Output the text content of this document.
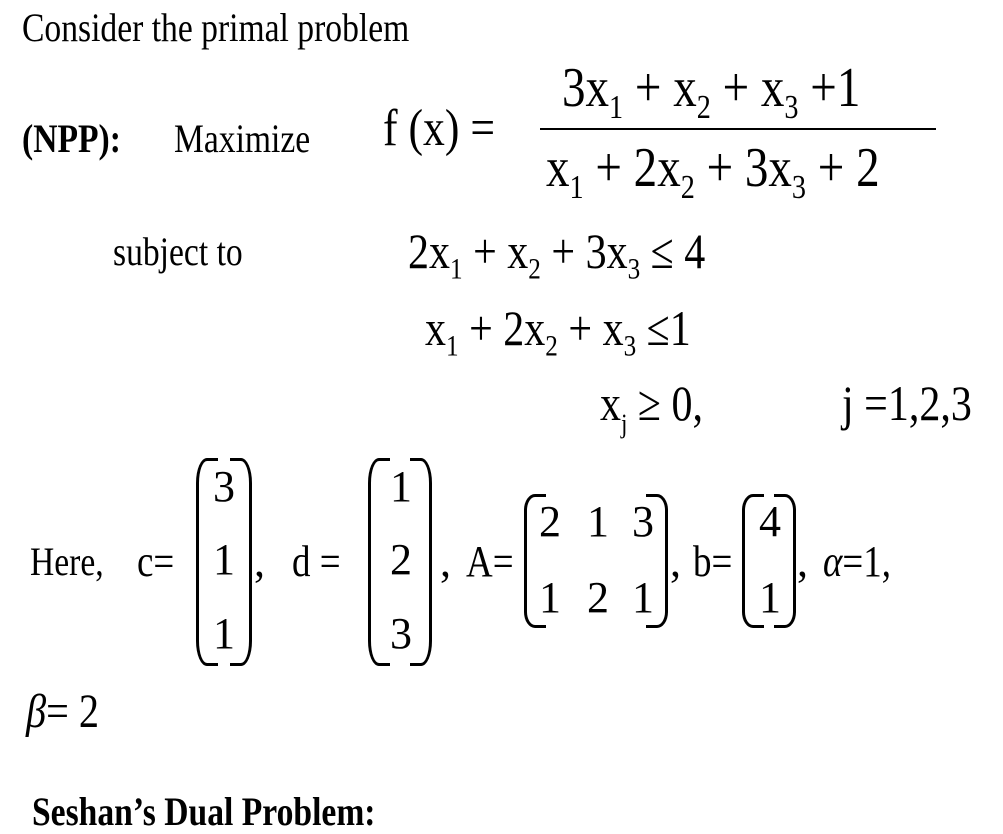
Consider the primal problem
(NPP):	Maximize	f (x) =
$3x_1 + x_2 + x_3 +1$
$x_1 + 2x_2 + 3x_3 + 2$
subject to	$2x_1 + x_2 + 3x_3 \le 4$
$x_1 + 2x_2 + x_3 \le 1$
$x_j \ge 0$,	j =1,2,3
Here, c=
3
1
1
, d =
1
2
3
, A=
2 1 3
1 2 1
, b=
4
1
, α=1,
β= 2
Seshan’s Dual Problem:
